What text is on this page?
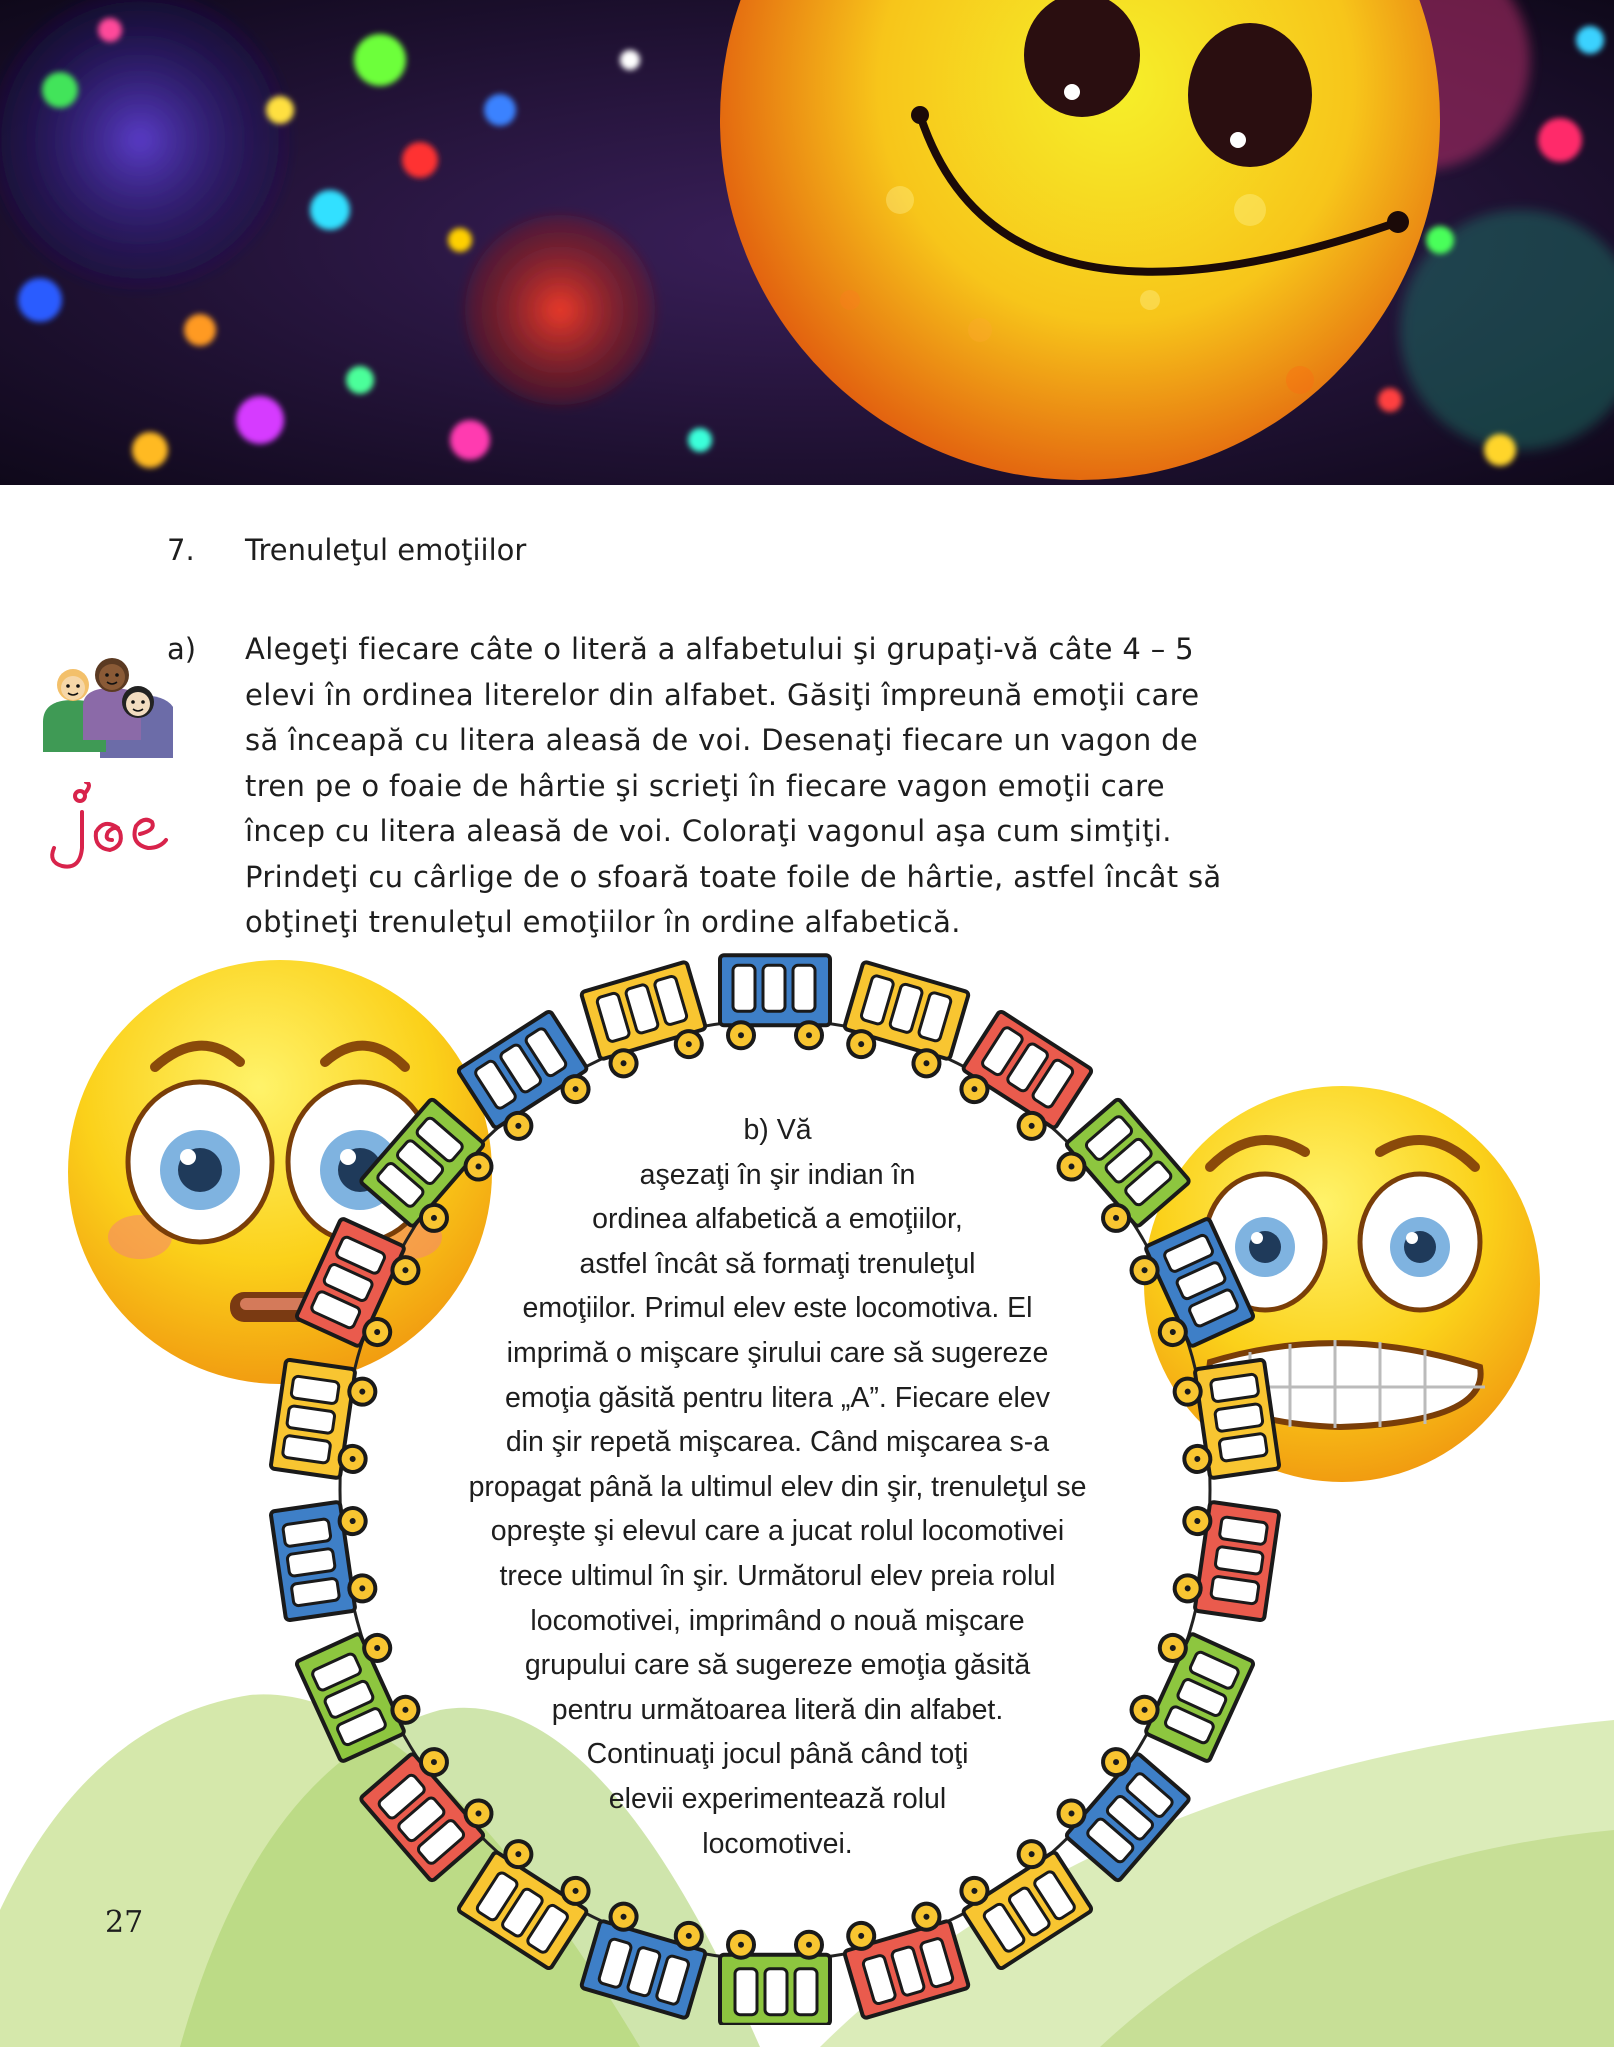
7. Trenuleţul emoţiilor
a) Alegeţi fiecare câte o literă a alfabetului şi grupaţi-vă câte 4 – 5
elevi în ordinea literelor din alfabet. Găsiţi împreună emoţii care
să înceapă cu litera aleasă de voi. Desenaţi fiecare un vagon de
tren pe o foaie de hârtie şi scrieţi în fiecare vagon emoţii care
încep cu litera aleasă de voi. Coloraţi vagonul aşa cum simţiţi.
Prindeţi cu cârlige de o sfoară toate foile de hârtie, astfel încât să
obţineţi trenuleţul emoţiilor în ordine alfabetică.

b) Vă

aşezaţi în şir indian în

ordinea alfabetică a emoţiilor,

astfel încât să formaţi trenuleţul

emoţiilor. Primul elev este locomotiva. El

imprimă o mişcare şirului care să sugereze

emoţia găsită pentru litera „A”. Fiecare elev

din şir repetă mişcarea. Când mişcarea s-a

propagat până la ultimul elev din şir, trenuleţul se

opreşte şi elevul care a jucat rolul locomotivei

trece ultimul în şir. Următorul elev preia rolul

locomotivei, imprimând o nouă mişcare

grupului care să sugereze emoţia găsită

pentru următoarea literă din alfabet.

Continuaţi jocul până când toţi

elevii experimentează rolul

locomotivei.

27
